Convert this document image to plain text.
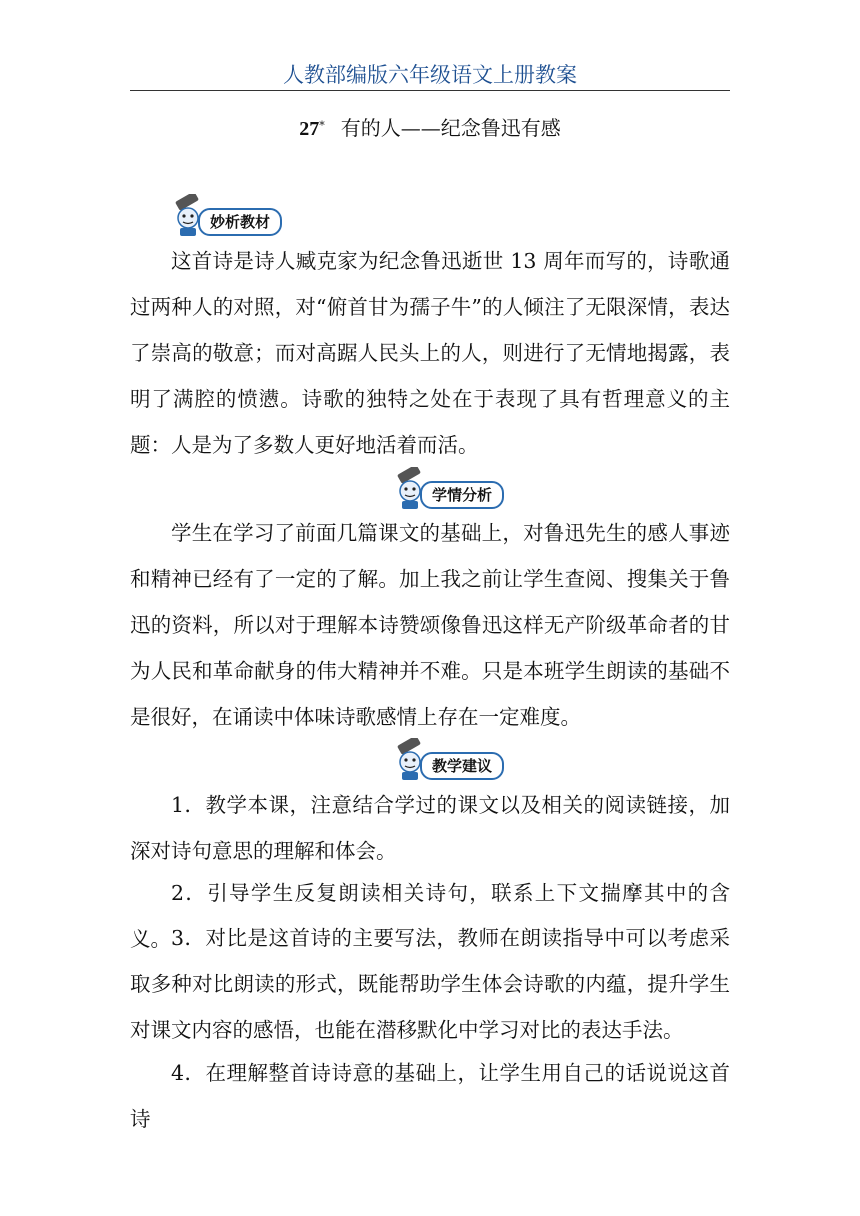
人教部编版六年级语文上册教案
27* 有的人——纪念鲁迅有感
妙析教材

这首诗是诗人臧克家为纪念鲁迅逝世 13 周年而写的，诗歌通过两种人的对照，对“俯首甘为孺子牛”的人倾注了无限深情，表达了崇高的敬意；而对高踞人民头上的人，则进行了无情地揭露，表明了满腔的愤懑。诗歌的独特之处在于表现了具有哲理意义的主题：人是为了多数人更好地活着而活。

学情分析

学生在学习了前面几篇课文的基础上，对鲁迅先生的感人事迹和精神已经有了一定的了解。加上我之前让学生查阅、搜集关于鲁迅的资料，所以对于理解本诗赞颂像鲁迅这样无产阶级革命者的甘为人民和革命献身的伟大精神并不难。只是本班学生朗读的基础不是很好，在诵读中体味诗歌感情上存在一定难度。

教学建议

1．教学本课，注意结合学过的课文以及相关的阅读链接，加深对诗句意思的理解和体会。

2．引导学生反复朗读相关诗句，联系上下文揣摩其中的含义。 3．对比是这首诗的主要写法，教师在朗读指导中可以考虑采取多种对比朗读的形式，既能帮助学生体会诗歌的内蕴，提升学生对课文内容的感悟，也能在潜移默化中学习对比的表达手法。

4．在理解整首诗诗意的基础上，让学生用自己的话说说这首诗
